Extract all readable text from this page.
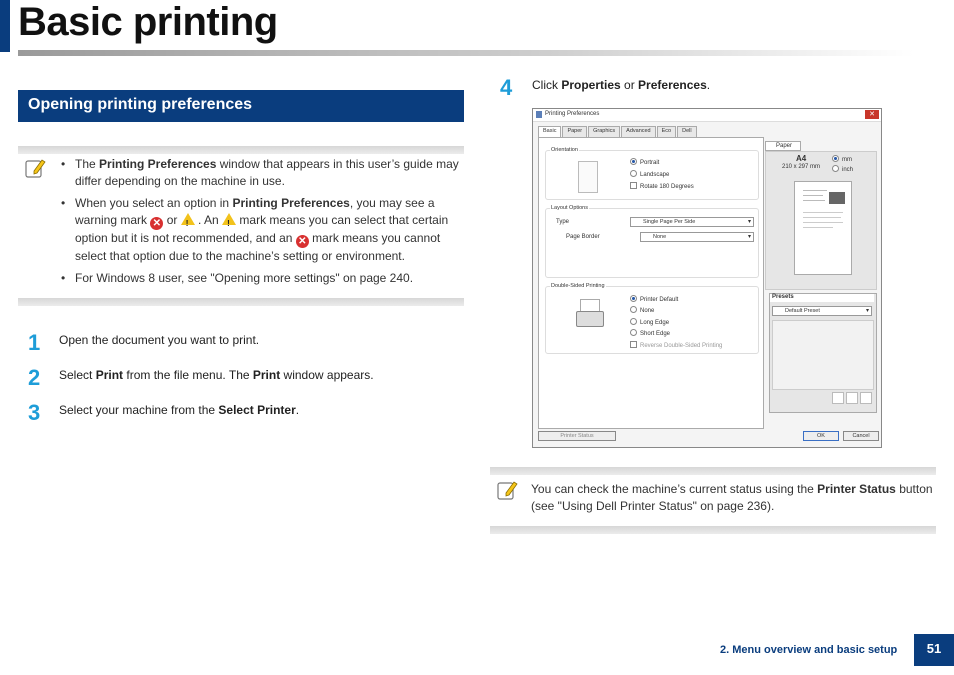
Basic printing
Opening printing preferences
• The Printing Preferences window that appears in this user’s guide may differ depending on the machine in use.
• When you select an option in Printing Preferences, you may see a warning mark ✕ or ! . An ! mark means you can select that certain option but it is not recommended, and an ✕ mark means you cannot select that option due to the machine’s setting or environment.
• For Windows 8 user, see "Opening more settings" on page 240.
1 Open the document you want to print.
2 Select Print from the file menu. The Print window appears.
3 Select your machine from the Select Printer.
4 Click Properties or Preferences.
Printing Preferences	✕
Basic	Paper	Graphics	Advanced	Eco	Dell
Orientation
Portrait
Landscape
Rotate 180 Degrees
Layout Options
Type	Single Page Per Side ▾
Page Border	None ▾
Double-Sided Printing
Printer Default
None
Long Edge
Short Edge
Reverse Double-Sided Printing
Paper
A4
210 x 297 mm
mm
inch
Presets
Default Preset ▾
Printer Status	OK	Cancel
You can check the machine’s current status using the Printer Status button (see "Using Dell Printer Status" on page 236).
2. Menu overview and basic setup	51
